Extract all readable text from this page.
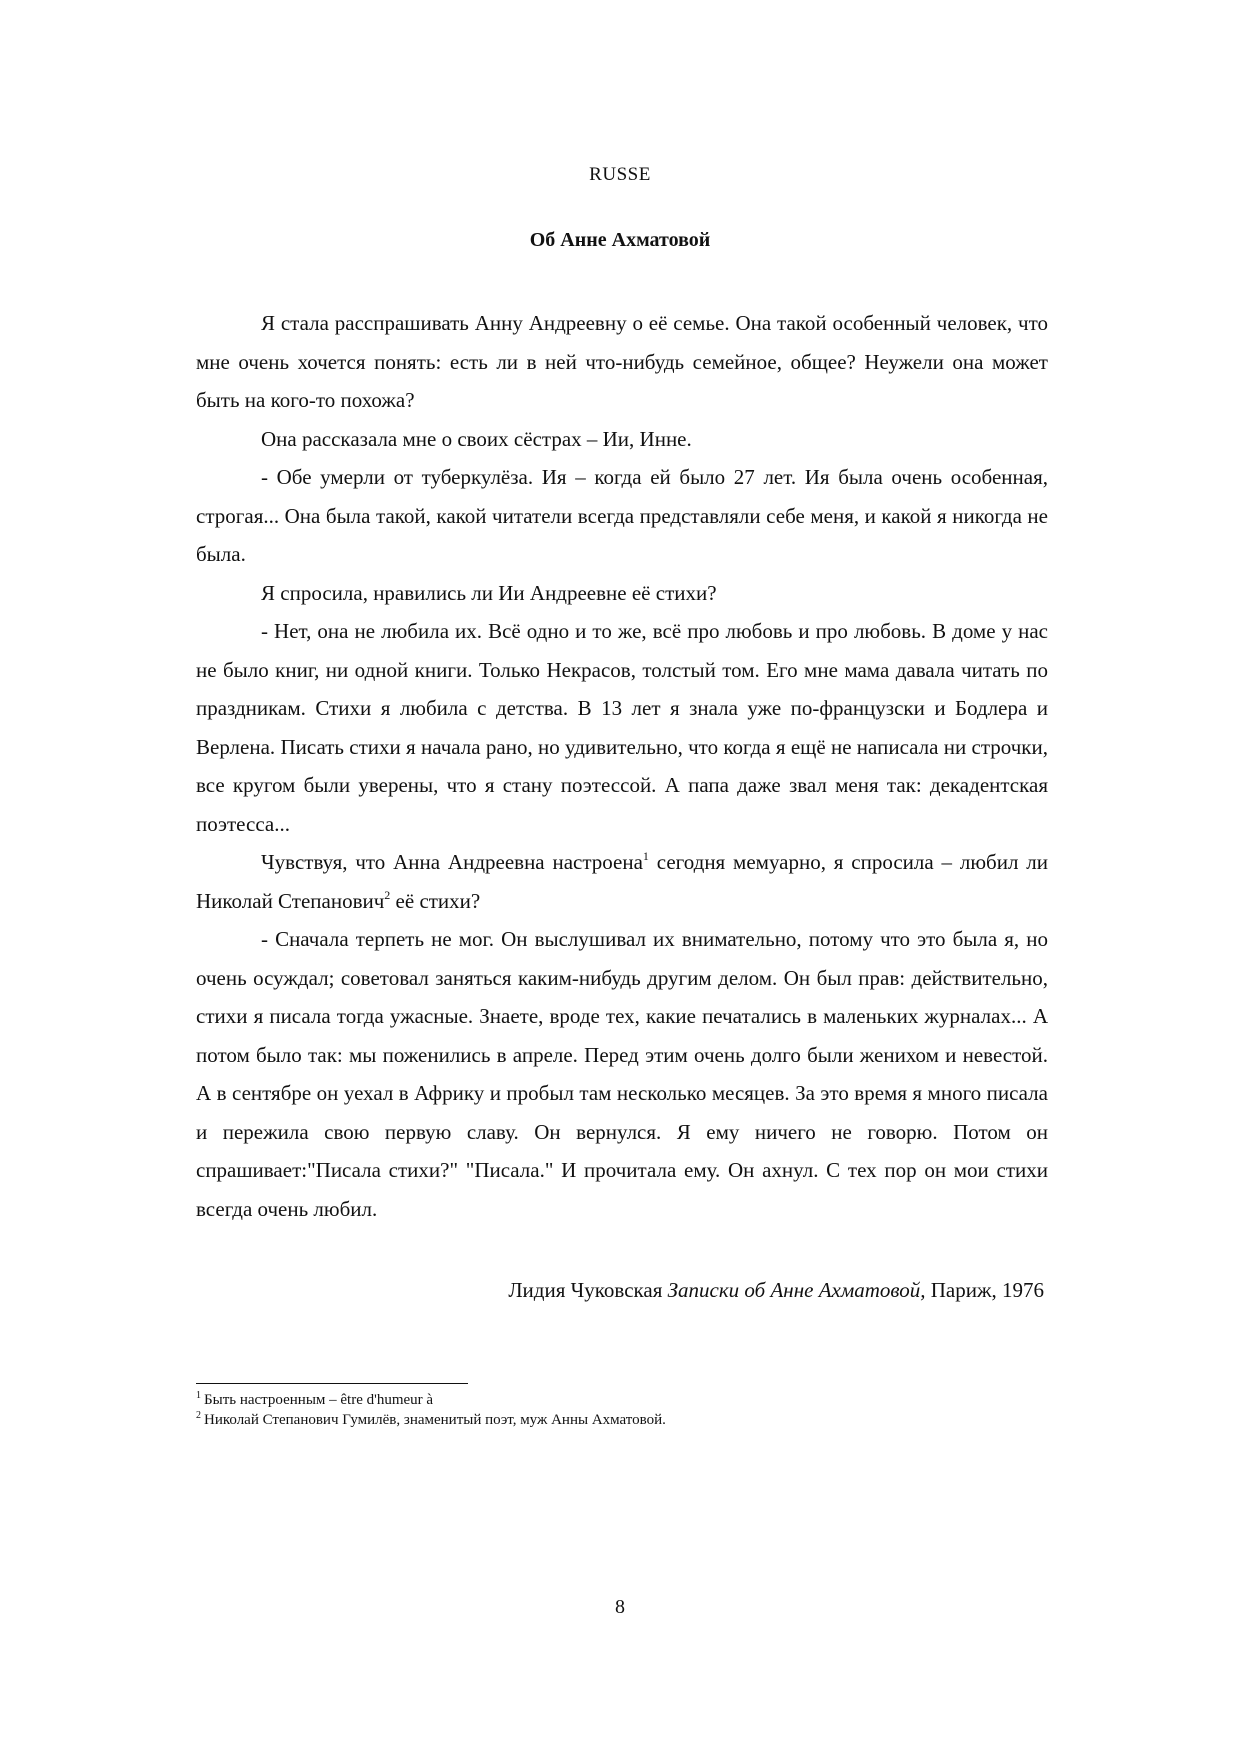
RUSSE
Об Анне Ахматовой

Я стала расспрашивать Анну Андреевну о её семье. Она такой особенный человек, что мне очень хочется понять: есть ли в ней что-нибудь семейное, общее? Неужели она может быть на кого-то похожа?

Она рассказала мне о своих сёстрах – Ии, Инне.

- Обе умерли от туберкулёза. Ия – когда ей было 27 лет. Ия была очень особенная, строгая... Она была такой, какой читатели всегда представляли себе меня, и какой я никогда не была.

Я спросила, нравились ли Ии Андреевне её стихи?

- Нет, она не любила их. Всё одно и то же, всё про любовь и про любовь. В доме у нас не было книг, ни одной книги. Только Некрасов, толстый том. Его мне мама давала читать по праздникам. Стихи я любила с детства. В 13 лет я знала уже по-французски и Бодлера и Верлена. Писать стихи я начала рано, но удивительно, что когда я ещё не написала ни строчки, все кругом были уверены, что я стану поэтессой. А папа даже звал меня так: декадентская поэтесса...

Чувствуя, что Анна Андреевна настроена$^1$ сегодня мемуарно, я спросила – любил ли Николай Степанович$^2$ её стихи?

- Сначала терпеть не мог. Он выслушивал их внимательно, потому что это была я, но очень осуждал; советовал заняться каким-нибудь другим делом. Он был прав: действительно, стихи я писала тогда ужасные. Знаете, вроде тех, какие печатались в маленьких журналах... А потом было так: мы поженились в апреле. Перед этим очень долго были женихом и невестой. А в сентябре он уехал в Африку и пробыл там несколько месяцев. За это время я много писала и пережила свою первую славу. Он вернулся. Я ему ничего не говорю. Потом он спрашивает:"Писала стихи?" "Писала." И прочитала ему. Он ахнул. С тех пор он мои стихи всегда очень любил.

Лидия Чуковская Записки об Анне Ахматовой, Париж, 1976
$^1$ Быть настроенным – être d'humeur à
$^2$ Николай Степанович Гумилёв, знаменитый поэт, муж Анны Ахматовой.
8
